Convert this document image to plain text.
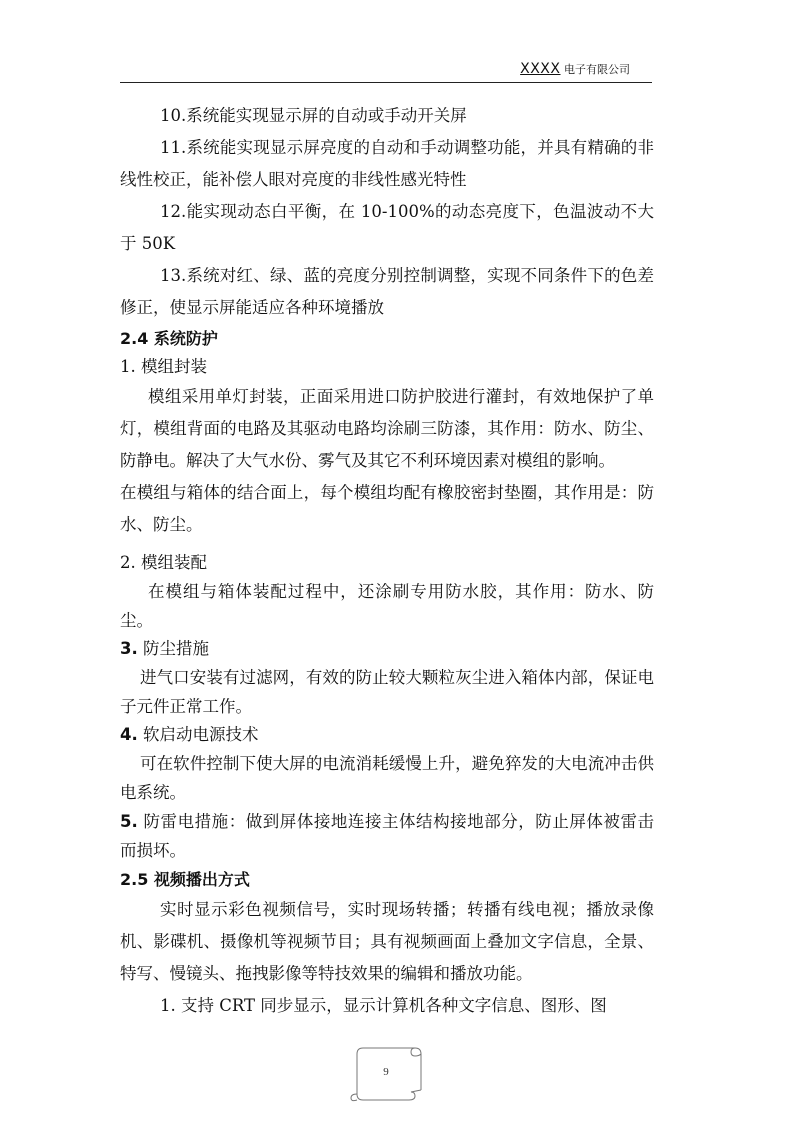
XXXX 电子有限公司

10.系统能实现显示屏的自动或手动开关屏

11.系统能实现显示屏亮度的自动和手动调整功能，并具有精确的非线性校正，能补偿人眼对亮度的非线性感光特性

12.能实现动态白平衡，在 10-100%的动态亮度下，色温波动不大于 50K

13.系统对红、绿、蓝的亮度分别控制调整，实现不同条件下的色差修正，使显示屏能适应各种环境播放

2.4 系统防护

1. 模组封装

模组采用单灯封装，正面采用进口防护胶进行灌封，有效地保护了单灯，模组背面的电路及其驱动电路均涂刷三防漆，其作用：防水、防尘、防静电。解决了大气水份、雾气及其它不利环境因素对模组的影响。

在模组与箱体的结合面上，每个模组均配有橡胶密封垫圈，其作用是：防水、防尘。

2. 模组装配

在模组与箱体装配过程中，还涂刷专用防水胶，其作用：防水、防尘。

3. 防尘措施

进气口安装有过滤网，有效的防止较大颗粒灰尘进入箱体内部，保证电子元件正常工作。

4. 软启动电源技术

可在软件控制下使大屏的电流消耗缓慢上升，避免猝发的大电流冲击供电系统。

5. 防雷电措施：做到屏体接地连接主体结构接地部分，防止屏体被雷击而损坏。

2.5 视频播出方式

实时显示彩色视频信号，实时现场转播；转播有线电视；播放录像机、影碟机、摄像机等视频节目；具有视频画面上叠加文字信息，全景、特写、慢镜头、拖拽影像等特技效果的编辑和播放功能。

1. 支持 CRT 同步显示，显示计算机各种文字信息、图形、图

9
